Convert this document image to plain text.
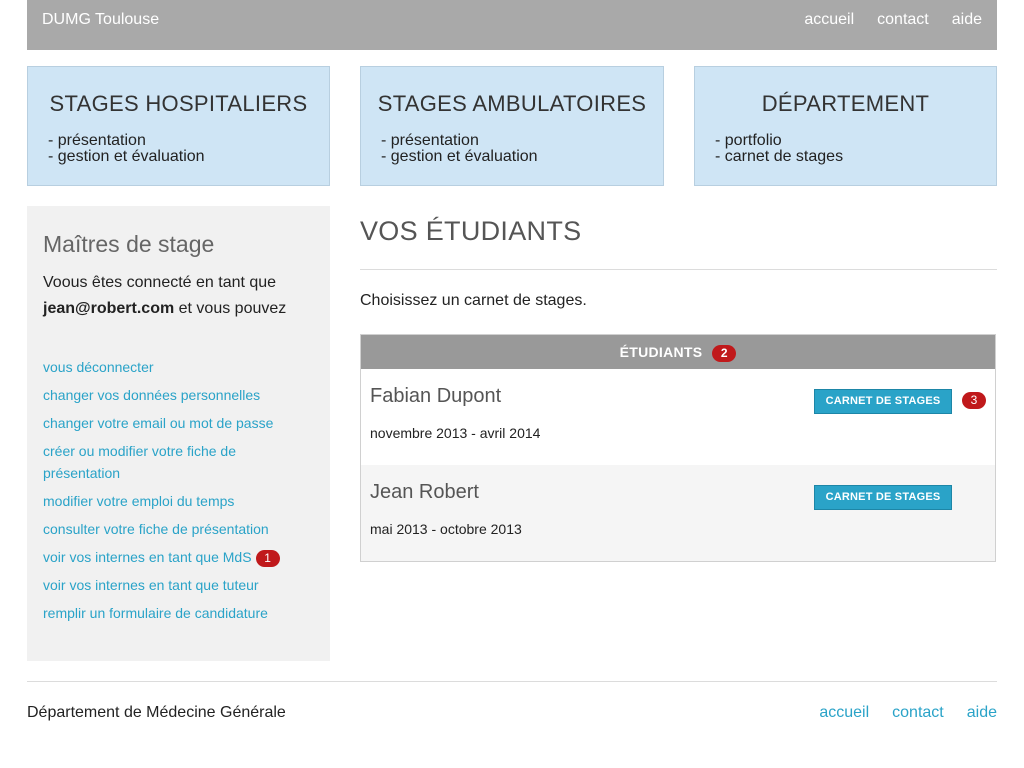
DUMG Toulouse	accueil contact aide
STAGES HOSPITALIERS
- présentation
- gestion et évaluation
STAGES AMBULATOIRES
- présentation
- gestion et évaluation
DÉPARTEMENT
- portfolio
- carnet de stages
Maîtres de stage
Voous êtes connecté en tant que jean@robert.com et vous pouvez
vous déconnecter
changer vos données personnelles
changer votre email ou mot de passe
créer ou modifier votre fiche de présentation
modifier votre emploi du temps
consulter votre fiche de présentation
voir vos internes en tant que MdS 1
voir vos internes en tant que tuteur
remplir un formulaire de candidature
VOS ÉTUDIANTS
Choisissez un carnet de stages.
ÉTUDIANTS 2
Fabian Dupont
novembre 2013 - avril 2014
CARNET DE STAGES	3
Jean Robert
mai 2013 - octobre 2013
CARNET DE STAGES
Département de Médecine Générale	accueil contact aide
